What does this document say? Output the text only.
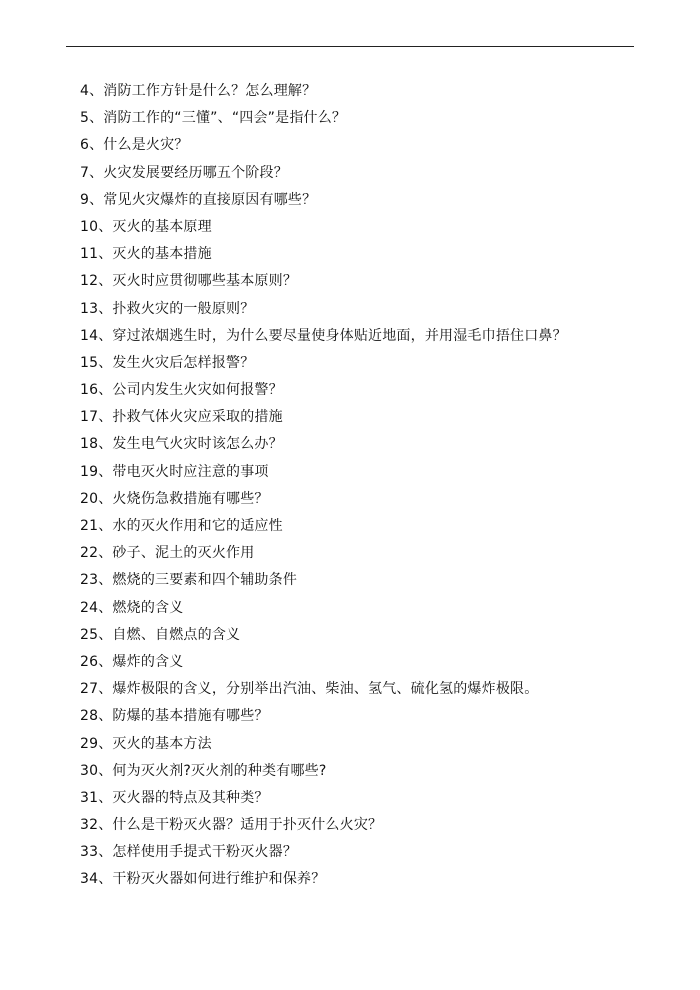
4、消防工作方针是什么？怎么理解？
5、消防工作的“三懂”、“四会”是指什么？
6、什么是火灾？
7、火灾发展要经历哪五个阶段？
9、常见火灾爆炸的直接原因有哪些？
10、灭火的基本原理
11、灭火的基本措施
12、灭火时应贯彻哪些基本原则？
13、扑救火灾的一般原则？
14、穿过浓烟逃生时，为什么要尽量使身体贴近地面，并用湿毛巾捂住口鼻？
15、发生火灾后怎样报警？
16、公司内发生火灾如何报警？
17、扑救气体火灾应采取的措施
18、发生电气火灾时该怎么办？
19、带电灭火时应注意的事项
20、火烧伤急救措施有哪些？
21、水的灭火作用和它的适应性
22、砂子、泥土的灭火作用
23、燃烧的三要素和四个辅助条件
24、燃烧的含义
25、自燃、自燃点的含义
26、爆炸的含义
27、爆炸极限的含义，分别举出汽油、柴油、氢气、硫化氢的爆炸极限。
28、防爆的基本措施有哪些？
29、灭火的基本方法
30、何为灭火剂?灭火剂的种类有哪些?
31、灭火器的特点及其种类？
32、什么是干粉灭火器？适用于扑灭什么火灾？
33、怎样使用手提式干粉灭火器？
34、干粉灭火器如何进行维护和保养？
